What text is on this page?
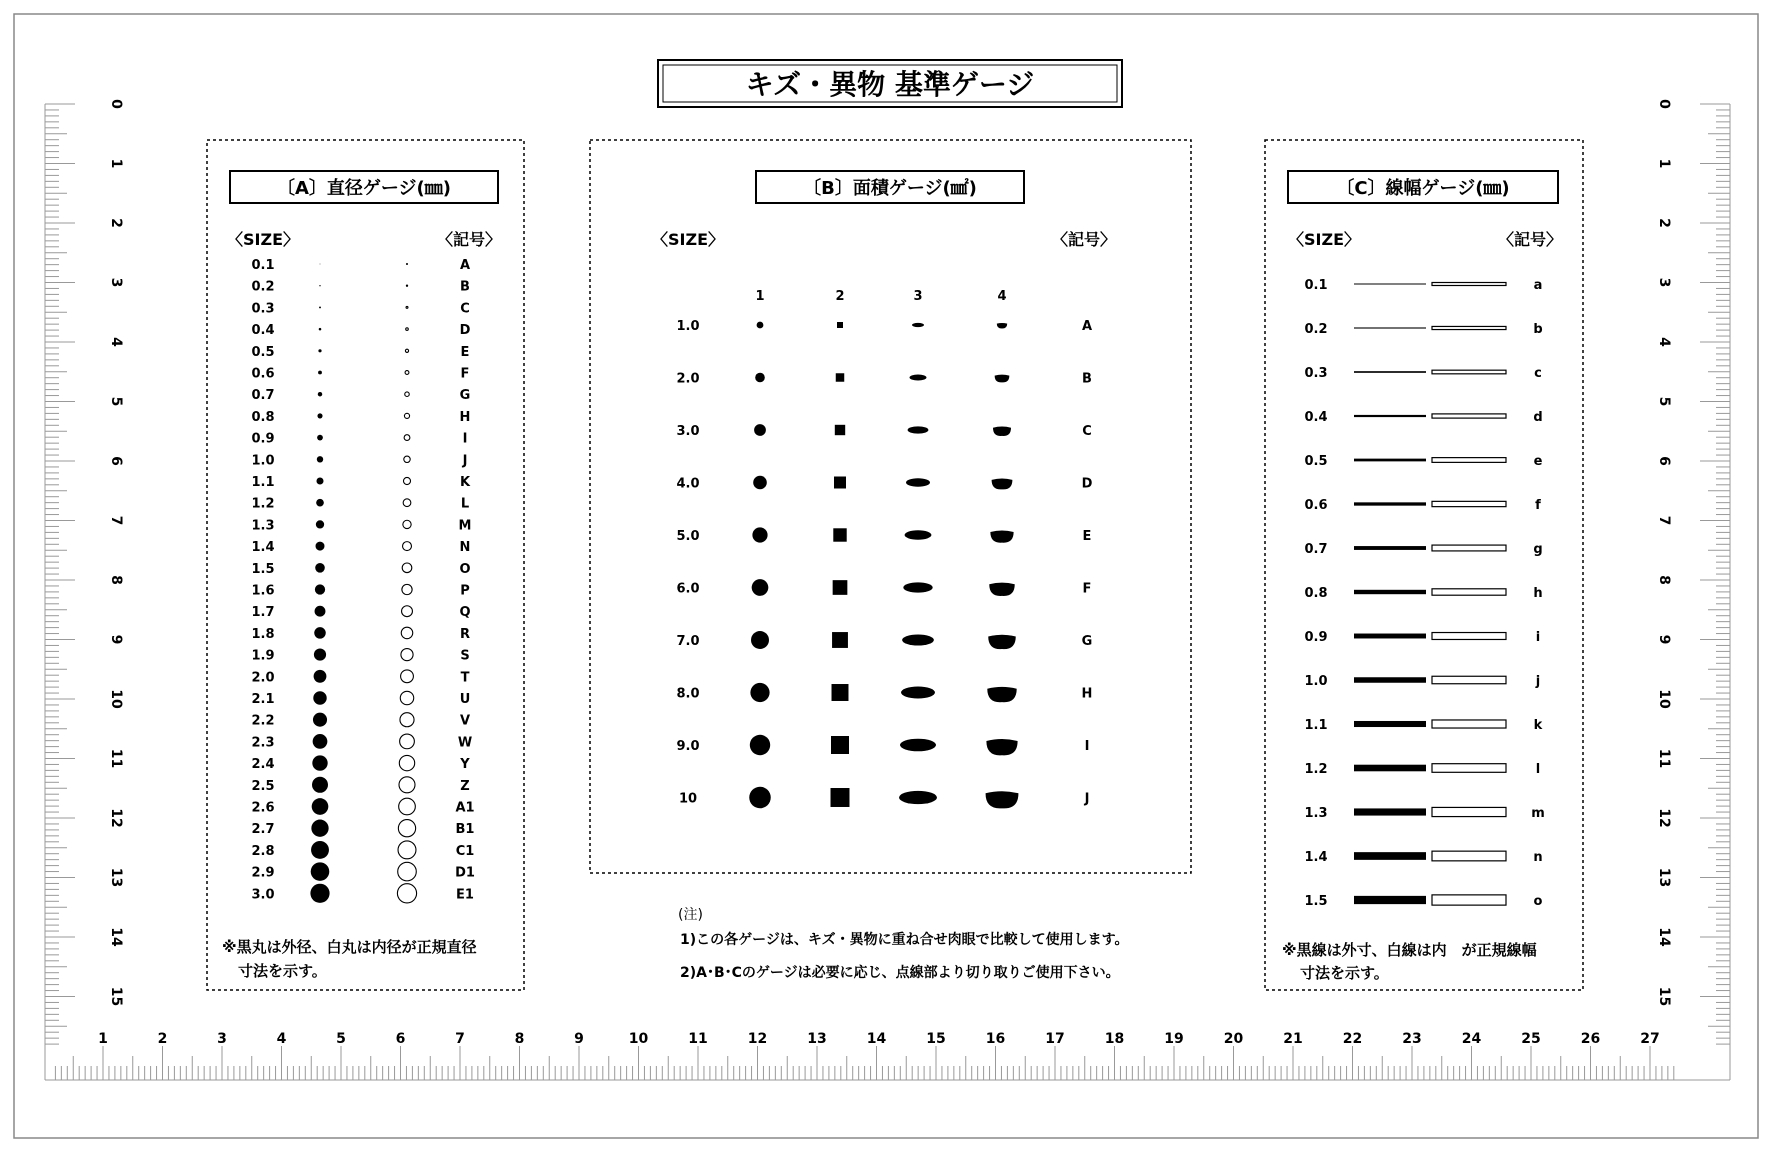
キズ・異物 基準ゲージ
〔A〕直径ゲージ(㎜)
〈SIZE〉	〈記号〉
0.1	A
0.2	B
0.3	C
0.4	D
0.5	E
0.6	F
0.7	G
0.8	H
0.9	I
1.0	J
1.1	K
1.2	L
1.3	M
1.4	N
1.5	O
1.6	P
1.7	Q
1.8	R
1.9	S
2.0	T
2.1	U
2.2	V
2.3	W
2.4	Y
2.5	Z
2.6	A1
2.7	B1
2.8	C1
2.9	D1
3.0	E1
※黒丸は外径、白丸は内径が正規直径
寸法を示す。
〔B〕面積ゲージ(㎟)
〈SIZE〉	〈記号〉
1	2	3	4
1.0	A
2.0	B
3.0	C
4.0	D
5.0	E
6.0	F
7.0	G
8.0	H
9.0	I
10	J
(注)
1)この各ゲージは、キズ・異物に重ね合せ肉眼で比較して使用します。
2)A･B･Cのゲージは必要に応じ、点線部より切り取りご使用下さい。
〔C〕線幅ゲージ(㎜)
〈SIZE〉	〈記号〉
0.1	a
0.2	b
0.3	c
0.4	d
0.5	e
0.6	f
0.7	g
0.8	h
0.9	i
1.0	j
1.1	k
1.2	l
1.3	m
1.4	n
1.5	o
※黒線は外寸、白線は内　が正規線幅
寸法を示す。
0
1
2
3
4
5
6
7
8
9
10
11
12
13
14
15
0
1
2
3
4
5
6
7
8
9
10
11
12
13
14
15
1	2	3	4	5	6	7	8	9	10	11	12	13	14	15	16	17	18	19	20	21	22	23	24	25	26	27
